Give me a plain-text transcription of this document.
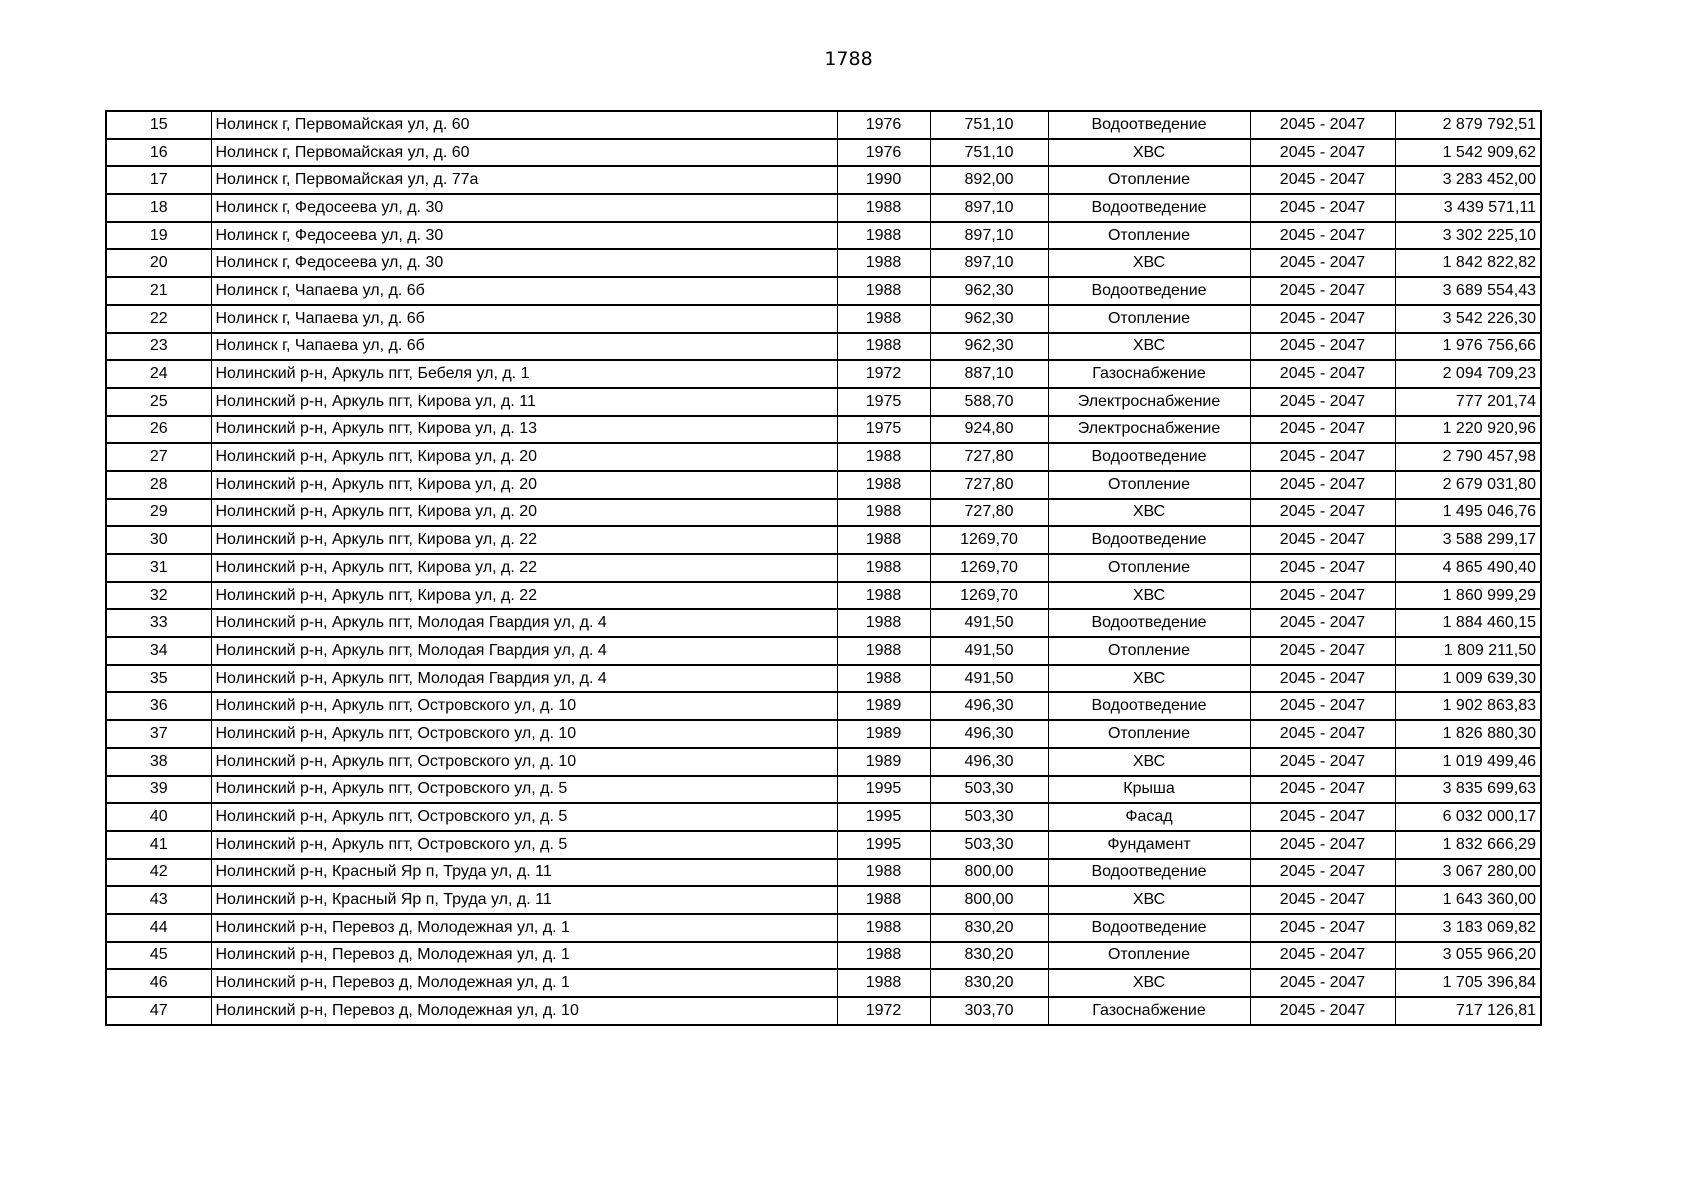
1788
15	Нолинск г, Первомайская ул, д. 60	1976	751,10	Водоотведение	2045 - 2047	2 879 792,51
16	Нолинск г, Первомайская ул, д. 60	1976	751,10	ХВС	2045 - 2047	1 542 909,62
17	Нолинск г, Первомайская ул, д. 77а	1990	892,00	Отопление	2045 - 2047	3 283 452,00
18	Нолинск г, Федосеева ул, д. 30	1988	897,10	Водоотведение	2045 - 2047	3 439 571,11
19	Нолинск г, Федосеева ул, д. 30	1988	897,10	Отопление	2045 - 2047	3 302 225,10
20	Нолинск г, Федосеева ул, д. 30	1988	897,10	ХВС	2045 - 2047	1 842 822,82
21	Нолинск г, Чапаева ул, д. 6б	1988	962,30	Водоотведение	2045 - 2047	3 689 554,43
22	Нолинск г, Чапаева ул, д. 6б	1988	962,30	Отопление	2045 - 2047	3 542 226,30
23	Нолинск г, Чапаева ул, д. 6б	1988	962,30	ХВС	2045 - 2047	1 976 756,66
24	Нолинский р-н, Аркуль пгт, Бебеля ул, д. 1	1972	887,10	Газоснабжение	2045 - 2047	2 094 709,23
25	Нолинский р-н, Аркуль пгт, Кирова ул, д. 11	1975	588,70	Электроснабжение	2045 - 2047	777 201,74
26	Нолинский р-н, Аркуль пгт, Кирова ул, д. 13	1975	924,80	Электроснабжение	2045 - 2047	1 220 920,96
27	Нолинский р-н, Аркуль пгт, Кирова ул, д. 20	1988	727,80	Водоотведение	2045 - 2047	2 790 457,98
28	Нолинский р-н, Аркуль пгт, Кирова ул, д. 20	1988	727,80	Отопление	2045 - 2047	2 679 031,80
29	Нолинский р-н, Аркуль пгт, Кирова ул, д. 20	1988	727,80	ХВС	2045 - 2047	1 495 046,76
30	Нолинский р-н, Аркуль пгт, Кирова ул, д. 22	1988	1269,70	Водоотведение	2045 - 2047	3 588 299,17
31	Нолинский р-н, Аркуль пгт, Кирова ул, д. 22	1988	1269,70	Отопление	2045 - 2047	4 865 490,40
32	Нолинский р-н, Аркуль пгт, Кирова ул, д. 22	1988	1269,70	ХВС	2045 - 2047	1 860 999,29
33	Нолинский р-н, Аркуль пгт, Молодая Гвардия ул, д. 4	1988	491,50	Водоотведение	2045 - 2047	1 884 460,15
34	Нолинский р-н, Аркуль пгт, Молодая Гвардия ул, д. 4	1988	491,50	Отопление	2045 - 2047	1 809 211,50
35	Нолинский р-н, Аркуль пгт, Молодая Гвардия ул, д. 4	1988	491,50	ХВС	2045 - 2047	1 009 639,30
36	Нолинский р-н, Аркуль пгт, Островского ул, д. 10	1989	496,30	Водоотведение	2045 - 2047	1 902 863,83
37	Нолинский р-н, Аркуль пгт, Островского ул, д. 10	1989	496,30	Отопление	2045 - 2047	1 826 880,30
38	Нолинский р-н, Аркуль пгт, Островского ул, д. 10	1989	496,30	ХВС	2045 - 2047	1 019 499,46
39	Нолинский р-н, Аркуль пгт, Островского ул, д. 5	1995	503,30	Крыша	2045 - 2047	3 835 699,63
40	Нолинский р-н, Аркуль пгт, Островского ул, д. 5	1995	503,30	Фасад	2045 - 2047	6 032 000,17
41	Нолинский р-н, Аркуль пгт, Островского ул, д. 5	1995	503,30	Фундамент	2045 - 2047	1 832 666,29
42	Нолинский р-н, Красный Яр п, Труда ул, д. 11	1988	800,00	Водоотведение	2045 - 2047	3 067 280,00
43	Нолинский р-н, Красный Яр п, Труда ул, д. 11	1988	800,00	ХВС	2045 - 2047	1 643 360,00
44	Нолинский р-н, Перевоз д, Молодежная ул, д. 1	1988	830,20	Водоотведение	2045 - 2047	3 183 069,82
45	Нолинский р-н, Перевоз д, Молодежная ул, д. 1	1988	830,20	Отопление	2045 - 2047	3 055 966,20
46	Нолинский р-н, Перевоз д, Молодежная ул, д. 1	1988	830,20	ХВС	2045 - 2047	1 705 396,84
47	Нолинский р-н, Перевоз д, Молодежная ул, д. 10	1972	303,70	Газоснабжение	2045 - 2047	717 126,81
